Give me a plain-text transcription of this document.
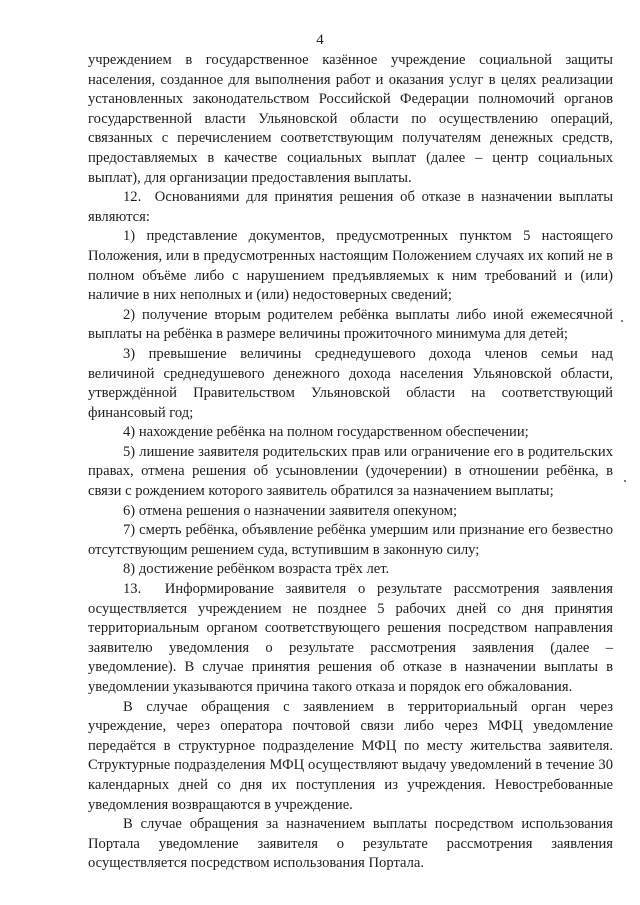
4

учреждением в государственное казённое учреждение социальной защиты населения, созданное для выполнения работ и оказания услуг в целях реализации установленных законодательством Российской Федерации полномочий органов государственной власти Ульяновской области по осуществлению операций, связанных с перечислением соответствующим получателям денежных средств, предоставляемых в качестве социальных выплат (далее – центр социальных выплат), для организации предоставления выплаты.

12. Основаниями для принятия решения об отказе в назначении выплаты являются:

1) представление документов, предусмотренных пунктом 5 настоящего Положения, или в предусмотренных настоящим Положением случаях их копий не в полном объёме либо с нарушением предъявляемых к ним требований и (или) наличие в них неполных и (или) недостоверных сведений;

2) получение вторым родителем ребёнка выплаты либо иной ежемесячной выплаты на ребёнка в размере величины прожиточного минимума для детей;

3) превышение величины среднедушевого дохода членов семьи над величиной среднедушевого денежного дохода населения Ульяновской области, утверждённой Правительством Ульяновской области на соответствующий финансовый год;

4) нахождение ребёнка на полном государственном обеспечении;

5) лишение заявителя родительских прав или ограничение его в родительских правах, отмена решения об усыновлении (удочерении) в отношении ребёнка, в связи с рождением которого заявитель обратился за назначением выплаты;

6) отмена решения о назначении заявителя опекуном;

7) смерть ребёнка, объявление ребёнка умершим или признание его безвестно отсутствующим решением суда, вступившим в законную силу;

8) достижение ребёнком возраста трёх лет.

13. Информирование заявителя о результате рассмотрения заявления осуществляется учреждением не позднее 5 рабочих дней со дня принятия территориальным органом соответствующего решения посредством направления заявителю уведомления о результате рассмотрения заявления (далее – уведомление). В случае принятия решения об отказе в назначении выплаты в уведомлении указываются причина такого отказа и порядок его обжалования.

В случае обращения с заявлением в территориальный орган через учреждение, через оператора почтовой связи либо через МФЦ уведомление передаётся в структурное подразделение МФЦ по месту жительства заявителя. Структурные подразделения МФЦ осуществляют выдачу уведомлений в течение 30 календарных дней со дня их поступления из учреждения. Невостребованные уведомления возвращаются в учреждение.

В случае обращения за назначением выплаты посредством использования Портала уведомление заявителя о результате рассмотрения заявления осуществляется посредством использования Портала.
